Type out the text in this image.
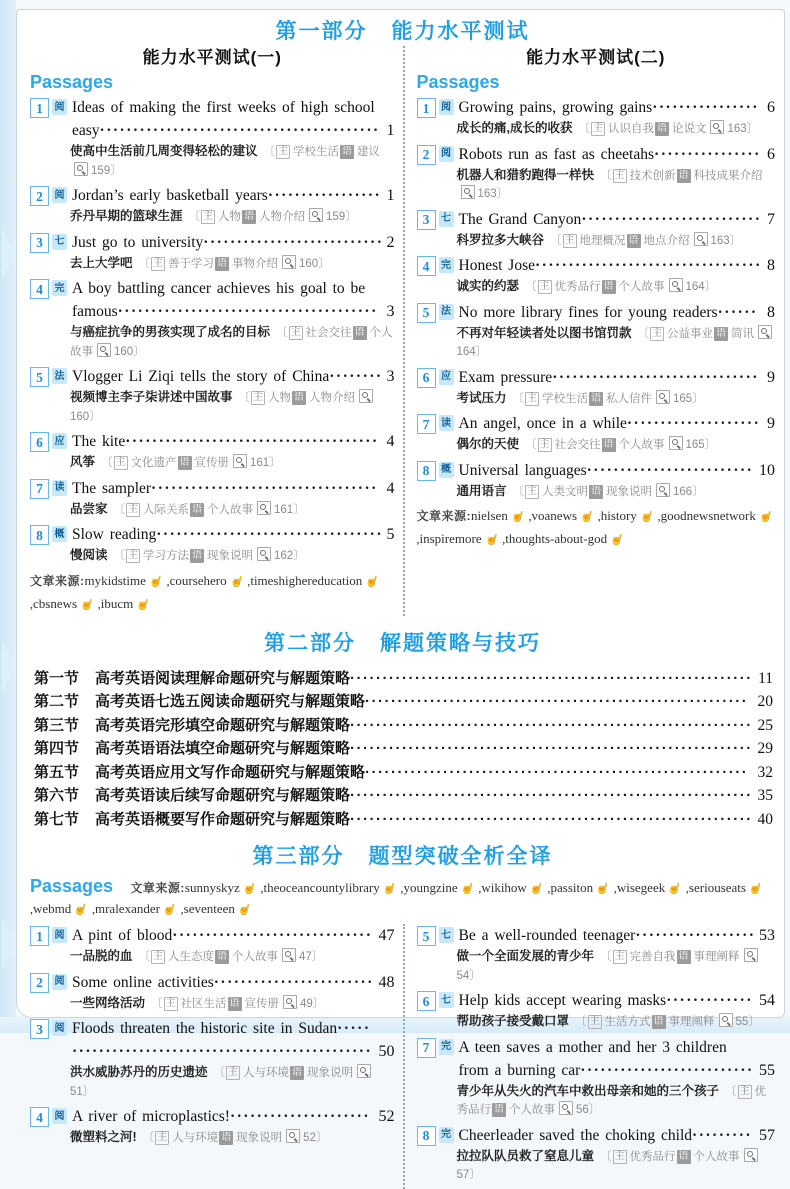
第一部分 能力水平测试
能力水平测试(一)
Passages
1	阅 Ideas of making the first weeks of high school easy​·​·​·​·​·​·​·​·​·​·​·​·​·​·​·​·​·​·​·​·​·​·​·​·​·​·​·​·​·​·​·​·​·​·​·​·​·​·​·​·​·​· 1
使高中生活前几周变得轻松的建议 〔 主 学校生活 语 建议159〕
2	阅 Jordan’s early basketball years​·​·​·​·​·​·​·​·​·​·​·​·​·​·​·​·​· 1
乔丹早期的篮球生涯 〔 主 人物 语 人物介绍 159〕
3	七 Just go to university​·​·​·​·​·​·​·​·​·​·​·​·​·​·​·​·​·​·​·​·​·​·​·​·​·​·​· 2
去上大学吧 〔 主 善于学习 语 事物介绍 160〕
4	完 A boy battling cancer achieves his goal to be famous​·​·​·​·​·​·​·​·​·​·​·​·​·​·​·​·​·​·​·​·​·​·​·​·​·​·​·​·​·​·​·​·​·​·​·​·​·​·​· 3
与癌症抗争的男孩实现了成名的目标 〔 主 社会交往 语 个人故事 160〕
5	法 Vlogger Li Ziqi tells the story of China​·​·​·​·​·​·​·​· 3
视频博主李子柒讲述中国故事 〔 主 人物 语 人物介绍160〕
6	应 The kite​·​·​·​·​·​·​·​·​·​·​·​·​·​·​·​·​·​·​·​·​·​·​·​·​·​·​·​·​·​·​·​·​·​·​·​·​·​· 4
风筝 〔 主 文化遗产 语 宣传册 161〕
7	读 The sampler​·​·​·​·​·​·​·​·​·​·​·​·​·​·​·​·​·​·​·​·​·​·​·​·​·​·​·​·​·​·​·​·​·​· 4
品尝家 〔 主 人际关系 语 个人故事 161〕
8	概 Slow reading​·​·​·​·​·​·​·​·​·​·​·​·​·​·​·​·​·​·​·​·​·​·​·​·​·​·​·​·​·​·​·​·​·​· 5
慢阅读 〔 主 学习方法 语 现象说明 162〕
文章来源:mykidstime ☝ ,coursehero ☝ ,timeshighereducation ☝ ,cbsnews ☝ ,ibucm ☝
能力水平测试(二)
Passages
1	阅 Growing pains, growing gains​·​·​·​·​·​·​·​·​·​·​·​·​·​·​·​· 6
成长的痛,成长的收获 〔 主 认识自我 语 论说文 163〕
2	阅 Robots run as fast as cheetahs​·​·​·​·​·​·​·​·​·​·​·​·​·​·​·​· 6
机器人和猎豹跑得一样快 〔 主 技术创新 语 科技成果介绍163〕
3	七 The Grand Canyon​·​·​·​·​·​·​·​·​·​·​·​·​·​·​·​·​·​·​·​·​·​·​·​·​·​·​· 7
科罗拉多大峡谷 〔 主 地理概况 语 地点介绍 163〕
4	完 Honest Jose​·​·​·​·​·​·​·​·​·​·​·​·​·​·​·​·​·​·​·​·​·​·​·​·​·​·​·​·​·​·​·​·​·​· 8
诚实的约瑟 〔 主 优秀品行 语 个人故事 164〕
5	法 No more library fines for young readers​·​·​·​·​·​· 8
不再对年轻读者处以图书馆罚款 〔 主 公益事业 语 简讯164〕
6	应 Exam pressure​·​·​·​·​·​·​·​·​·​·​·​·​·​·​·​·​·​·​·​·​·​·​·​·​·​·​·​·​·​·​· 9
考试压力 〔 主 学校生活 语 私人信件 165〕
7	读 An angel, once in a while​·​·​·​·​·​·​·​·​·​·​·​·​·​·​·​·​·​·​·​· 9
偶尔的天使 〔 主 社会交往 语 个人故事 165〕
8	概 Universal languages​·​·​·​·​·​·​·​·​·​·​·​·​·​·​·​·​·​·​·​·​·​·​·​·​· 10
通用语言 〔 主 人类文明 语 现象说明 166〕
文章来源:nielsen ☝ ,voanews ☝ ,history ☝ ,goodnewsnetwork ☝ ,inspiremore ☝ ,thoughts-about-god ☝
第二部分 解题策略与技巧
第一节 高考英语阅读理解命题研究与解题策略​·​·​·​·​·​·​·​·​·​·​·​·​·​·​·​·​·​·​·​·​·​·​·​·​·​·​·​·​·​·​·​·​·​·​·​·​·​·​·​·​·​·​·​·​·​·​·​·​·​·​·​·​·​·​·​·​·​·​·​·​·​· 11
第二节 高考英语七选五阅读命题研究与解题策略​·​·​·​·​·​·​·​·​·​·​·​·​·​·​·​·​·​·​·​·​·​·​·​·​·​·​·​·​·​·​·​·​·​·​·​·​·​·​·​·​·​·​·​·​·​·​·​·​·​·​·​·​·​·​·​·​·​·​· 20
第三节 高考英语完形填空命题研究与解题策略​·​·​·​·​·​·​·​·​·​·​·​·​·​·​·​·​·​·​·​·​·​·​·​·​·​·​·​·​·​·​·​·​·​·​·​·​·​·​·​·​·​·​·​·​·​·​·​·​·​·​·​·​·​·​·​·​·​·​·​·​·​· 25
第四节 高考英语语法填空命题研究与解题策略​·​·​·​·​·​·​·​·​·​·​·​·​·​·​·​·​·​·​·​·​·​·​·​·​·​·​·​·​·​·​·​·​·​·​·​·​·​·​·​·​·​·​·​·​·​·​·​·​·​·​·​·​·​·​·​·​·​·​·​·​·​· 29
第五节 高考英语应用文写作命题研究与解题策略​·​·​·​·​·​·​·​·​·​·​·​·​·​·​·​·​·​·​·​·​·​·​·​·​·​·​·​·​·​·​·​·​·​·​·​·​·​·​·​·​·​·​·​·​·​·​·​·​·​·​·​·​·​·​·​·​·​·​· 32
第六节 高考英语读后续写命题研究与解题策略​·​·​·​·​·​·​·​·​·​·​·​·​·​·​·​·​·​·​·​·​·​·​·​·​·​·​·​·​·​·​·​·​·​·​·​·​·​·​·​·​·​·​·​·​·​·​·​·​·​·​·​·​·​·​·​·​·​·​·​·​·​· 35
第七节 高考英语概要写作命题研究与解题策略​·​·​·​·​·​·​·​·​·​·​·​·​·​·​·​·​·​·​·​·​·​·​·​·​·​·​·​·​·​·​·​·​·​·​·​·​·​·​·​·​·​·​·​·​·​·​·​·​·​·​·​·​·​·​·​·​·​·​·​·​·​· 40
第三部分 题型突破全析全译
Passages 文章来源:sunnyskyz☝ ,theoceancountylibrary☝ ,youngzine☝ ,wikihow☝ ,passiton☝ ,wisegeek☝ ,seriouseats☝ ,webmd☝ ,mralexander☝ ,seventeen☝
1	阅 A pint of blood​·​·​·​·​·​·​·​·​·​·​·​·​·​·​·​·​·​·​·​·​·​·​·​·​·​·​·​·​·​· 47
一品脱的血 〔 主 人生态度 语 个人故事 47〕
2	阅 Some online activities​·​·​·​·​·​·​·​·​·​·​·​·​·​·​·​·​·​·​·​·​·​·​·​· 48
一些网络活动 〔 主 社区生活 语 宣传册 49〕
3	阅 Floods threaten the historic site in Sudan​·​·​·​·​·​·​·​·​·​·​·​·​·​·​·​·​·​·​·​·​·​·​·​·​·​·​·​·​·​·​·​·​·​·​·​·​·​·​·​·​·​·​·​·​·​·​·​·​·​· 50
洪水威胁苏丹的历史遗迹 〔 主 人与环境 语 现象说明51〕
4	阅 A river of microplastics!​·​·​·​·​·​·​·​·​·​·​·​·​·​·​·​·​·​·​·​·​· 52
微塑料之河! 〔 主 人与环境 语 现象说明 52〕
5	七 Be a well-rounded teenager​·​·​·​·​·​·​·​·​·​·​·​·​·​·​·​·​·​· 53
做一个全面发展的青少年 〔 主 完善自我 语 事理阐释54〕
6	七 Help kids accept wearing masks​·​·​·​·​·​·​·​·​·​·​·​·​· 54
帮助孩子接受戴口罩 〔 主 生活方式 语 事理阐释 55〕
7	完 A teen saves a mother and her 3 children from a burning car​·​·​·​·​·​·​·​·​·​·​·​·​·​·​·​·​·​·​·​·​·​·​·​·​·​· 55
青少年从失火的汽车中救出母亲和她的三个孩子 〔 主 优秀品行 语 个人故事 56〕
8	完 Cheerleader saved the choking child​·​·​·​·​·​·​·​·​· 57
拉拉队队员救了窒息儿童 〔 主 优秀品行 语 个人故事57〕
